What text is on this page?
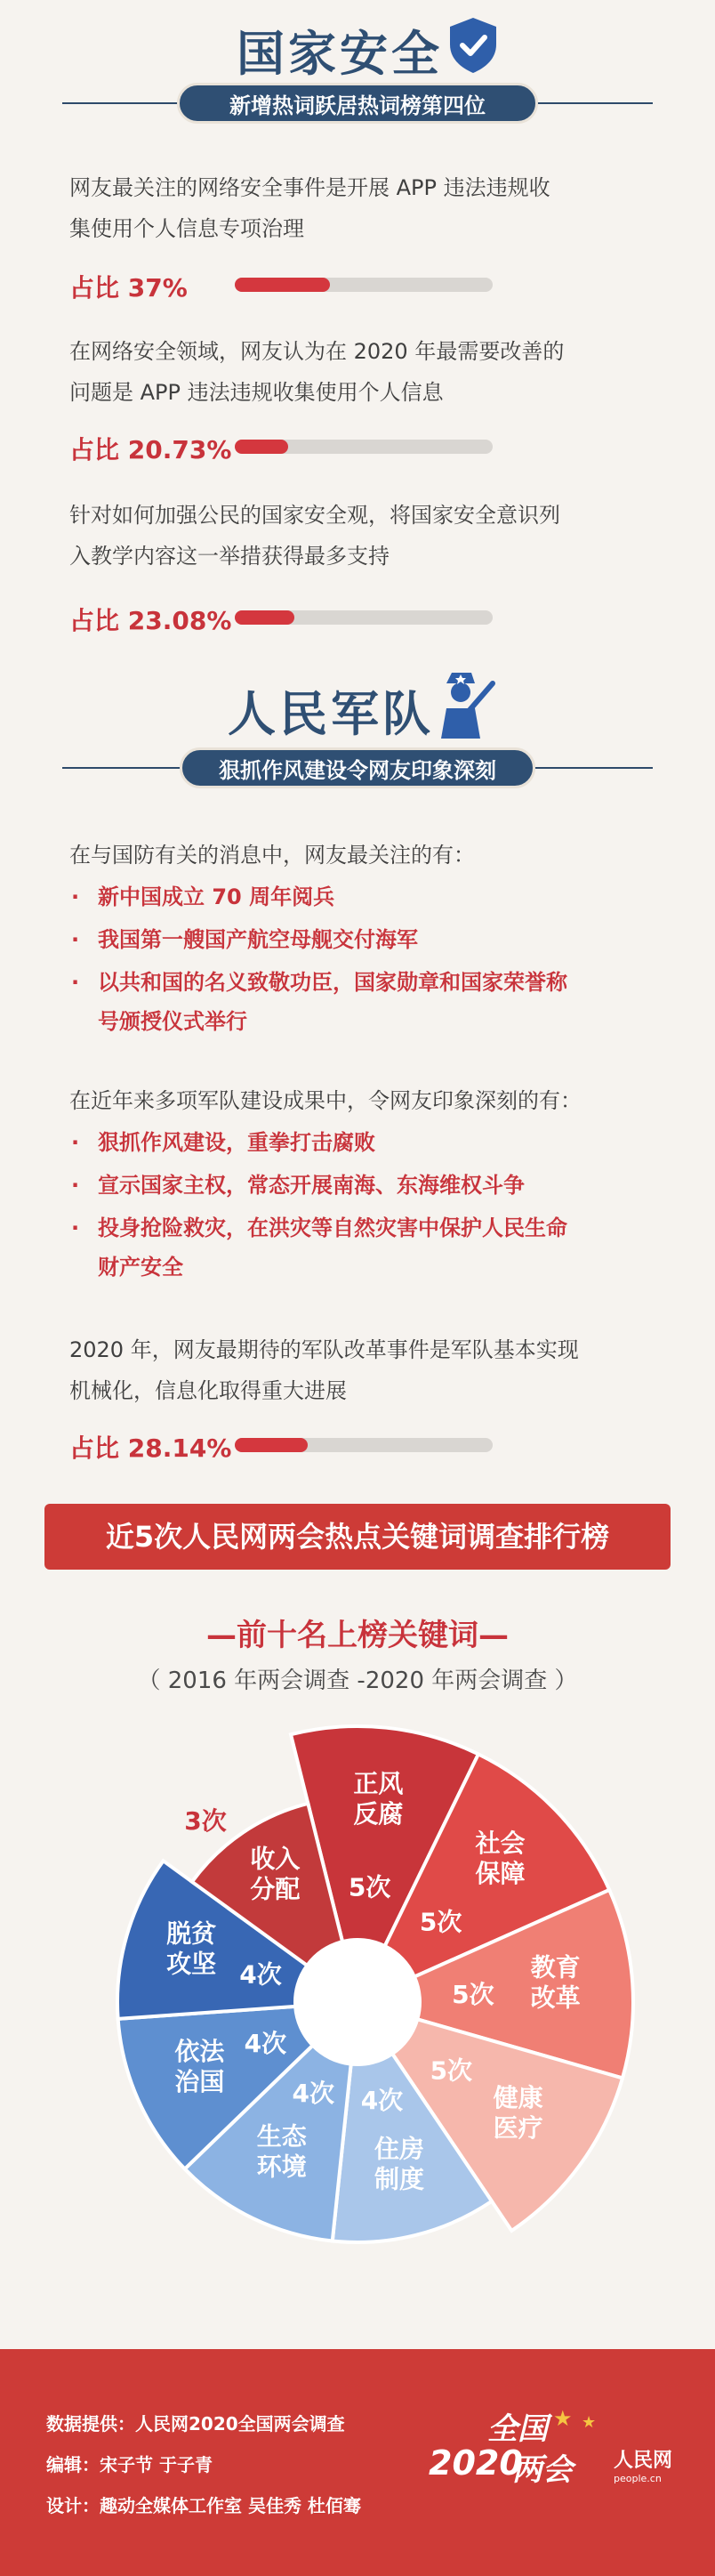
国家安全
新增热词跃居热词榜第四位
网友最关注的网络安全事件是开展 APP 违法违规收
集使用个人信息专项治理
占比 37%
在网络安全领域，网友认为在 2020 年最需要改善的
问题是 APP 违法违规收集使用个人信息
占比 20.73%
针对如何加强公民的国家安全观，将国家安全意识列
入教学内容这一举措获得最多支持
占比 23.08%
人民军队
狠抓作风建设令网友印象深刻
在与国防有关的消息中，网友最关注的有：
· 新中国成立 70 周年阅兵
· 我国第一艘国产航空母舰交付海军
· 以共和国的名义致敬功臣，国家勋章和国家荣誉称
号颁授仪式举行
在近年来多项军队建设成果中，令网友印象深刻的有：
· 狠抓作风建设，重拳打击腐败
· 宣示国家主权，常态开展南海、东海维权斗争
· 投身抢险救灾，在洪灾等自然灾害中保护人民生命
财产安全
2020 年，网友最期待的军队改革事件是军队基本实现
机械化，信息化取得重大进展
占比 28.14%
近5次人民网两会热点关键词调查排行榜
—前十名上榜关键词—
（ 2016 年两会调查 -2020 年两会调查 ）
正风
反腐
5次
社会
保障
5次
教育
改革
5次
健康
医疗
5次
住房
制度
4次
生态
环境
4次
依法
治国
4次
脱贫
攻坚 4次
收入
分配
3次
数据提供：人民网2020全国两会调查
编辑：宋子节 于子青
设计：趣动全媒体工作室 吴佳秀 杜佰骞
全国
2020
两会
★ ★
人民网
people.cn
